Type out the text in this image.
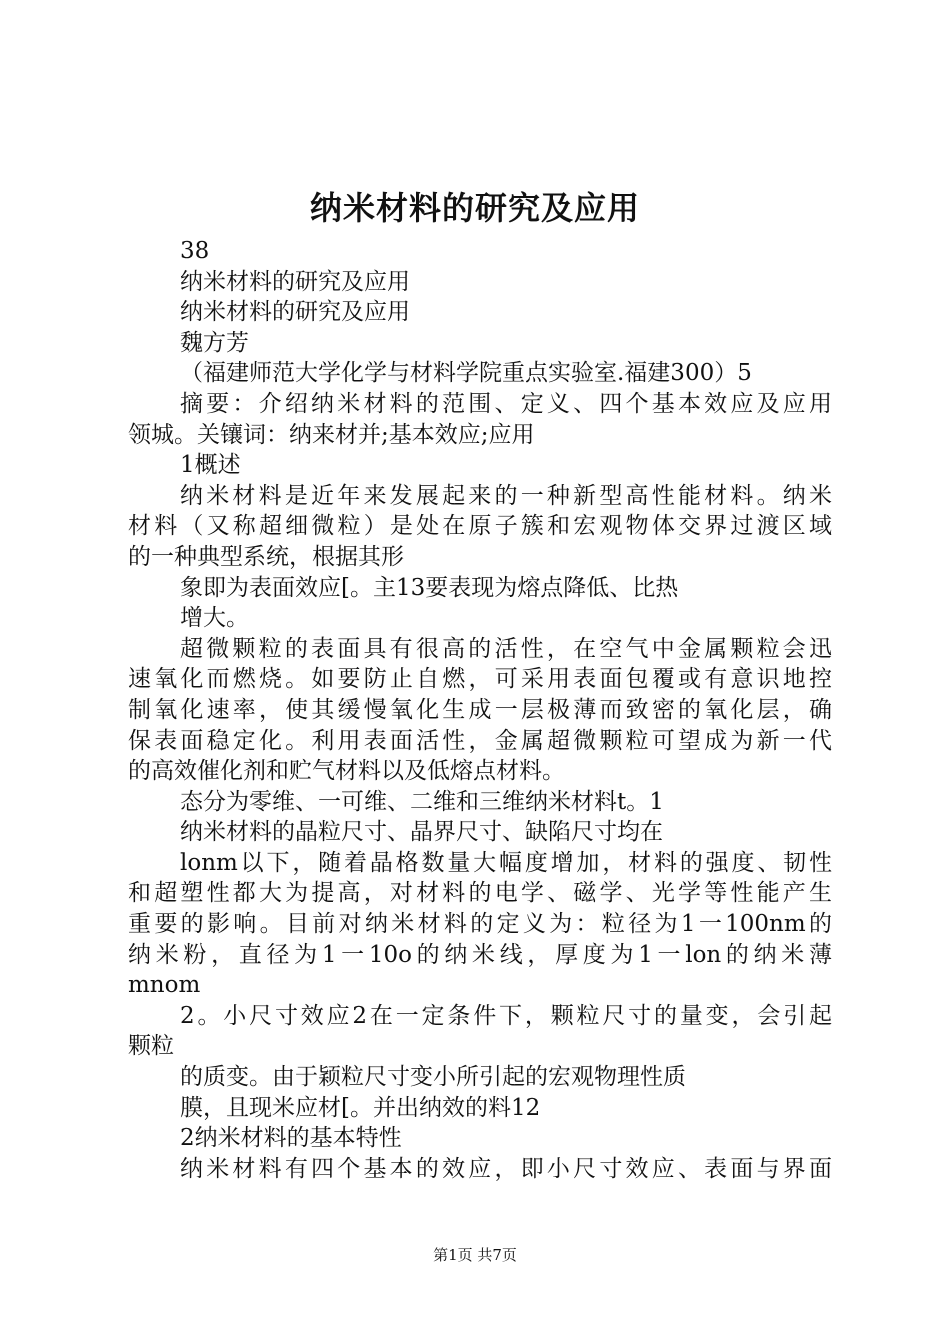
纳米材料的研究及应用
38
纳米材料的研究及应用
纳米材料的研究及应用
魏方芳
（福建师范大学化学与材料学院重点实验室.福建300）5
摘要：介绍纳米材料的范围、定义、四个基本效应及应用
领城。关镶词：纳来材并;基本效应;应用
1概述
纳米材料是近年来发展起来的一种新型高性能材料。纳米
材料（又称超细微粒）是处在原子簇和宏观物体交界过渡区域
的一种典型系统，根据其形
象即为表面效应[。主13要表现为熔点降低、比热
增大。
超微颗粒的表面具有很高的活性，在空气中金属颗粒会迅
速氧化而燃烧。如要防止自燃，可采用表面包覆或有意识地控
制氧化速率，使其缓慢氧化生成一层极薄而致密的氧化层，确
保表面稳定化。利用表面活性，金属超微颗粒可望成为新一代
的高效催化剂和贮气材料以及低熔点材料。
态分为零维、一可维、二维和三维纳米材料t。1
纳米材料的晶粒尺寸、晶界尺寸、缺陷尺寸均在
lonm以下，随着晶格数量大幅度增加，材料的强度、韧性
和超塑性都大为提高，对材料的电学、磁学、光学等性能产生
重要的影响。目前对纳米材料的定义为：粒径为1一100nm的
纳米粉，直径为1一10o的纳米线，厚度为1一lon的纳米薄
mnom
2。小尺寸效应2在一定条件下，颗粒尺寸的量变，会引起
颗粒
的质变。由于颖粒尺寸变小所引起的宏观物理性质
膜，且现米应材[。并出纳效的料12
2纳米材料的基本特性
纳米材料有四个基本的效应，即小尺寸效应、表面与界面
第1页 共7页
